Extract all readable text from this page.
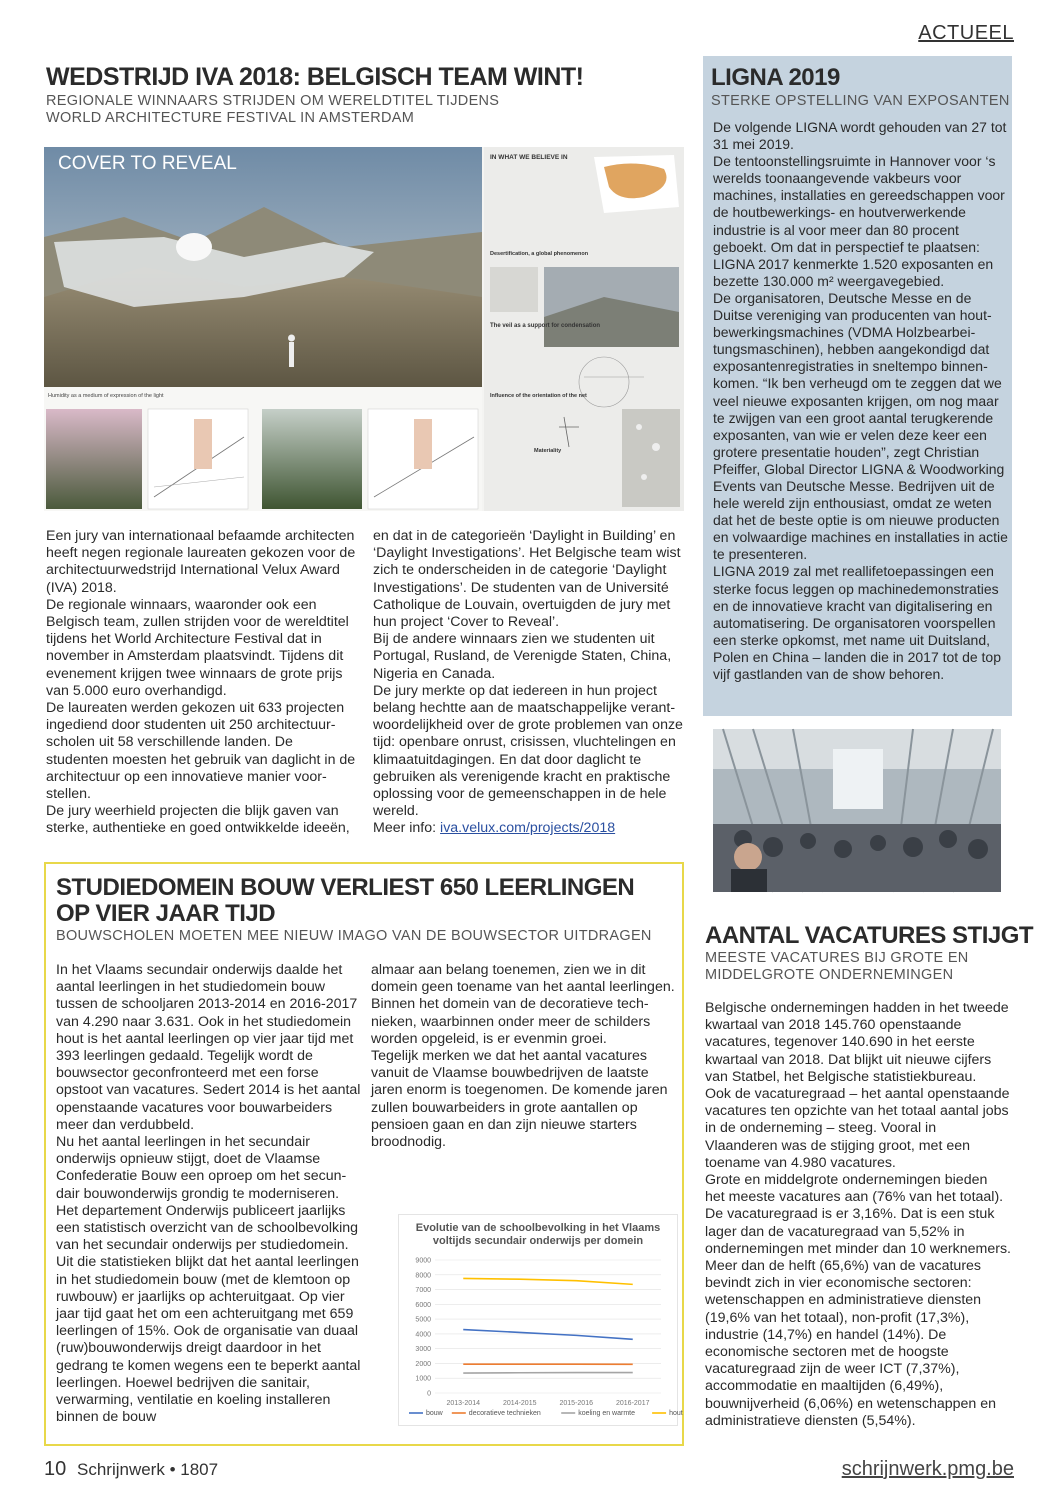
ACTUEEL
WEDSTRIJD IVA 2018: BELGISCH TEAM WINT!
REGIONALE WINNAARS STRIJDEN OM WERELDTITEL TIJDENS
WORLD ARCHITECTURE FESTIVAL IN AMSTERDAM
COVER TO REVEAL
Humidity as a medium of expression of the light
IN WHAT WE BELIEVE IN
Desertification, a global phenomenon
The veil as a support for condensation
Influence of the orientation of the net
Materiality

Een jury van internationaal befaamde architecten heeft negen regionale laureaten gekozen voor de architectuurwedstrijd International Velux Award (IVA) 2018.

De regionale winnaars, waaronder ook een Belgisch team, zullen strijden voor de wereldtitel tijdens het World Architecture Festival dat in november in Amsterdam plaatsvindt. Tijdens dit evenement krijgen twee winnaars de grote prijs van 5.000 euro overhandigd.

De laureaten werden gekozen uit 633 projecten ingediend door studenten uit 250 architectuurscholen uit 58 verschillende landen. De studenten moesten het gebruik van daglicht in de architectuur op een innovatieve manier voorstellen.

De jury weerhield projecten die blijk gaven van sterke, authentieke en goed ontwikkelde ideeën,

en dat in de categorieën ‘Daylight in Building’ en ‘Daylight Investigations’. Het Belgische team wist zich te onderscheiden in de categorie ‘Daylight Investigations’. De studenten van de Université Catholique de Louvain, overtuigden de jury met hun project ‘Cover to Reveal’.

Bij de andere winnaars zien we studenten uit Portugal, Rusland, de Verenigde Staten, China, Nigeria en Canada.

De jury merkte op dat iedereen in hun project belang hechtte aan de maatschappelijke verantwoordelijkheid over de grote problemen van onze tijd: openbare onrust, crisissen, vluchtelingen en klimaatuitdagingen. En dat door daglicht te gebruiken als verenigende kracht en praktische oplossing voor de gemeenschappen in de hele wereld.

Meer info: iva.velux.com/projects/2018

LIGNA 2019
STERKE OPSTELLING VAN EXPOSANTEN

De volgende LIGNA wordt gehouden van 27 tot 31 mei 2019.

De tentoonstellingsruimte in Hannover voor ‘s werelds toonaangevende vakbeurs voor machines, installaties en gereedschappen voor de houtbewerkings- en houtverwerkende industrie is al voor meer dan 80 procent geboekt. Om dat in perspectief te plaatsen: LIGNA 2017 kenmerkte 1.520 exposanten en bezette 130.000 m² weergavegebied.

De organisatoren, Deutsche Messe en de Duitse vereniging van producenten van houtbewerkingsmachines (VDMA Holzbearbeitungsmaschinen), hebben aangekondigd dat exposantenregistraties in sneltempo binnenkomen. “Ik ben verheugd om te zeggen dat we veel nieuwe exposanten krijgen, om nog maar te zwijgen van een groot aantal terugkerende exposanten, van wie er velen deze keer een grotere presentatie houden”, zegt Christian Pfeiffer, Global Director LIGNA & Woodworking Events van Deutsche Messe. Bedrijven uit de hele wereld zijn enthousiast, omdat ze weten dat het de beste optie is om nieuwe producten en volwaardige machines en installaties in actie te presenteren.

LIGNA 2019 zal met reallifetoepassingen een sterke focus leggen op machinedemonstraties en de innovatieve kracht van digitalisering en automatisering. De organisatoren voorspellen een sterke opkomst, met name uit Duitsland, Polen en China – landen die in 2017 tot de top vijf gastlanden van de show behoren.

STUDIEDOMEIN BOUW VERLIEST 650 LEERLINGEN
OP VIER JAAR TIJD
BOUWSCHOLEN MOETEN MEE NIEUW IMAGO VAN DE BOUWSECTOR UITDRAGEN

In het Vlaams secundair onderwijs daalde het aantal leerlingen in het studiedomein bouw tussen de schooljaren 2013-2014 en 2016-2017 van 4.290 naar 3.631. Ook in het studiedomein hout is het aantal leerlingen op vier jaar tijd met 393 leerlingen gedaald. Tegelijk wordt de bouwsector geconfronteerd met een forse opstoot van vacatures. Sedert 2014 is het aantal openstaande vacatures voor bouwarbeiders meer dan verdubbeld.

Nu het aantal leerlingen in het secundair onderwijs opnieuw stijgt, doet de Vlaamse Confederatie Bouw een oproep om het secundair bouwonderwijs grondig te moderniseren. Het departement Onderwijs publiceert jaarlijks een statistisch overzicht van de schoolbevolking van het secundair onderwijs per studiedomein. Uit die statistieken blijkt dat het aantal leerlingen in het studiedomein bouw (met de klemtoon op ruwbouw) er jaarlijks op achteruitgaat. Op vier jaar tijd gaat het om een achteruitgang met 659 leerlingen of 15%. Ook de organisatie van duaal (ruw)bouwonderwijs dreigt daardoor in het gedrang te komen wegens een te beperkt aantal leerlingen. Hoewel bedrijven die sanitair, verwarming, ventilatie en koeling installeren binnen de bouw

almaar aan belang toenemen, zien we in dit domein geen toename van het aantal leerlingen.

Binnen het domein van de decoratieve technieken, waarbinnen onder meer de schilders worden opgeleid, is er evenmin groei.

Tegelijk merken we dat het aantal vacatures vanuit de Vlaamse bouwbedrijven de laatste jaren enorm is toegenomen. De komende jaren zullen bouwarbeiders in grote aantallen op pensioen gaan en dan zijn nieuwe starters broodnodig.

Evolutie van de schoolbevolking in het Vlaams
voltijds secundair onderwijs per domein
0
1000
2000
3000
4000
5000
6000
7000
8000
9000
2013-2014	2014-2015	2015-2016	2016-2017
bouw	decoratieve technieken	koeling en warmte	hout
AANTAL VACATURES STIJGT
MEESTE VACATURES BIJ GROTE EN
MIDDELGROTE ONDERNEMINGEN

Belgische ondernemingen hadden in het tweede kwartaal van 2018 145.760 openstaande vacatures, tegenover 140.690 in het eerste kwartaal van 2018. Dat blijkt uit nieuwe cijfers van Statbel, het Belgische statistiekbureau.

Ook de vacaturegraad – het aantal openstaande vacatures ten opzichte van het totaal aantal jobs in de onderneming – steeg. Vooral in Vlaanderen was de stijging groot, met een toename van 4.980 vacatures.

Grote en middelgrote ondernemingen bieden het meeste vacatures aan (76% van het totaal). De vacaturegraad is er 3,16%. Dat is een stuk lager dan de vacaturegraad van 5,52% in ondernemingen met minder dan 10 werknemers.

Meer dan de helft (65,6%) van de vacatures bevindt zich in vier economische sectoren: wetenschappen en administratieve diensten (19,6% van het totaal), non-profit (17,3%), industrie (14,7%) en handel (14%). De economische sectoren met de hoogste vacaturegraad zijn de weer ICT (7,37%), accommodatie en maaltijden (6,49%), bouwnijverheid (6,06%) en wetenschappen en administratieve diensten (5,54%).

10 Schrijnwerk • 1807	schrijnwerk.pmg.be
